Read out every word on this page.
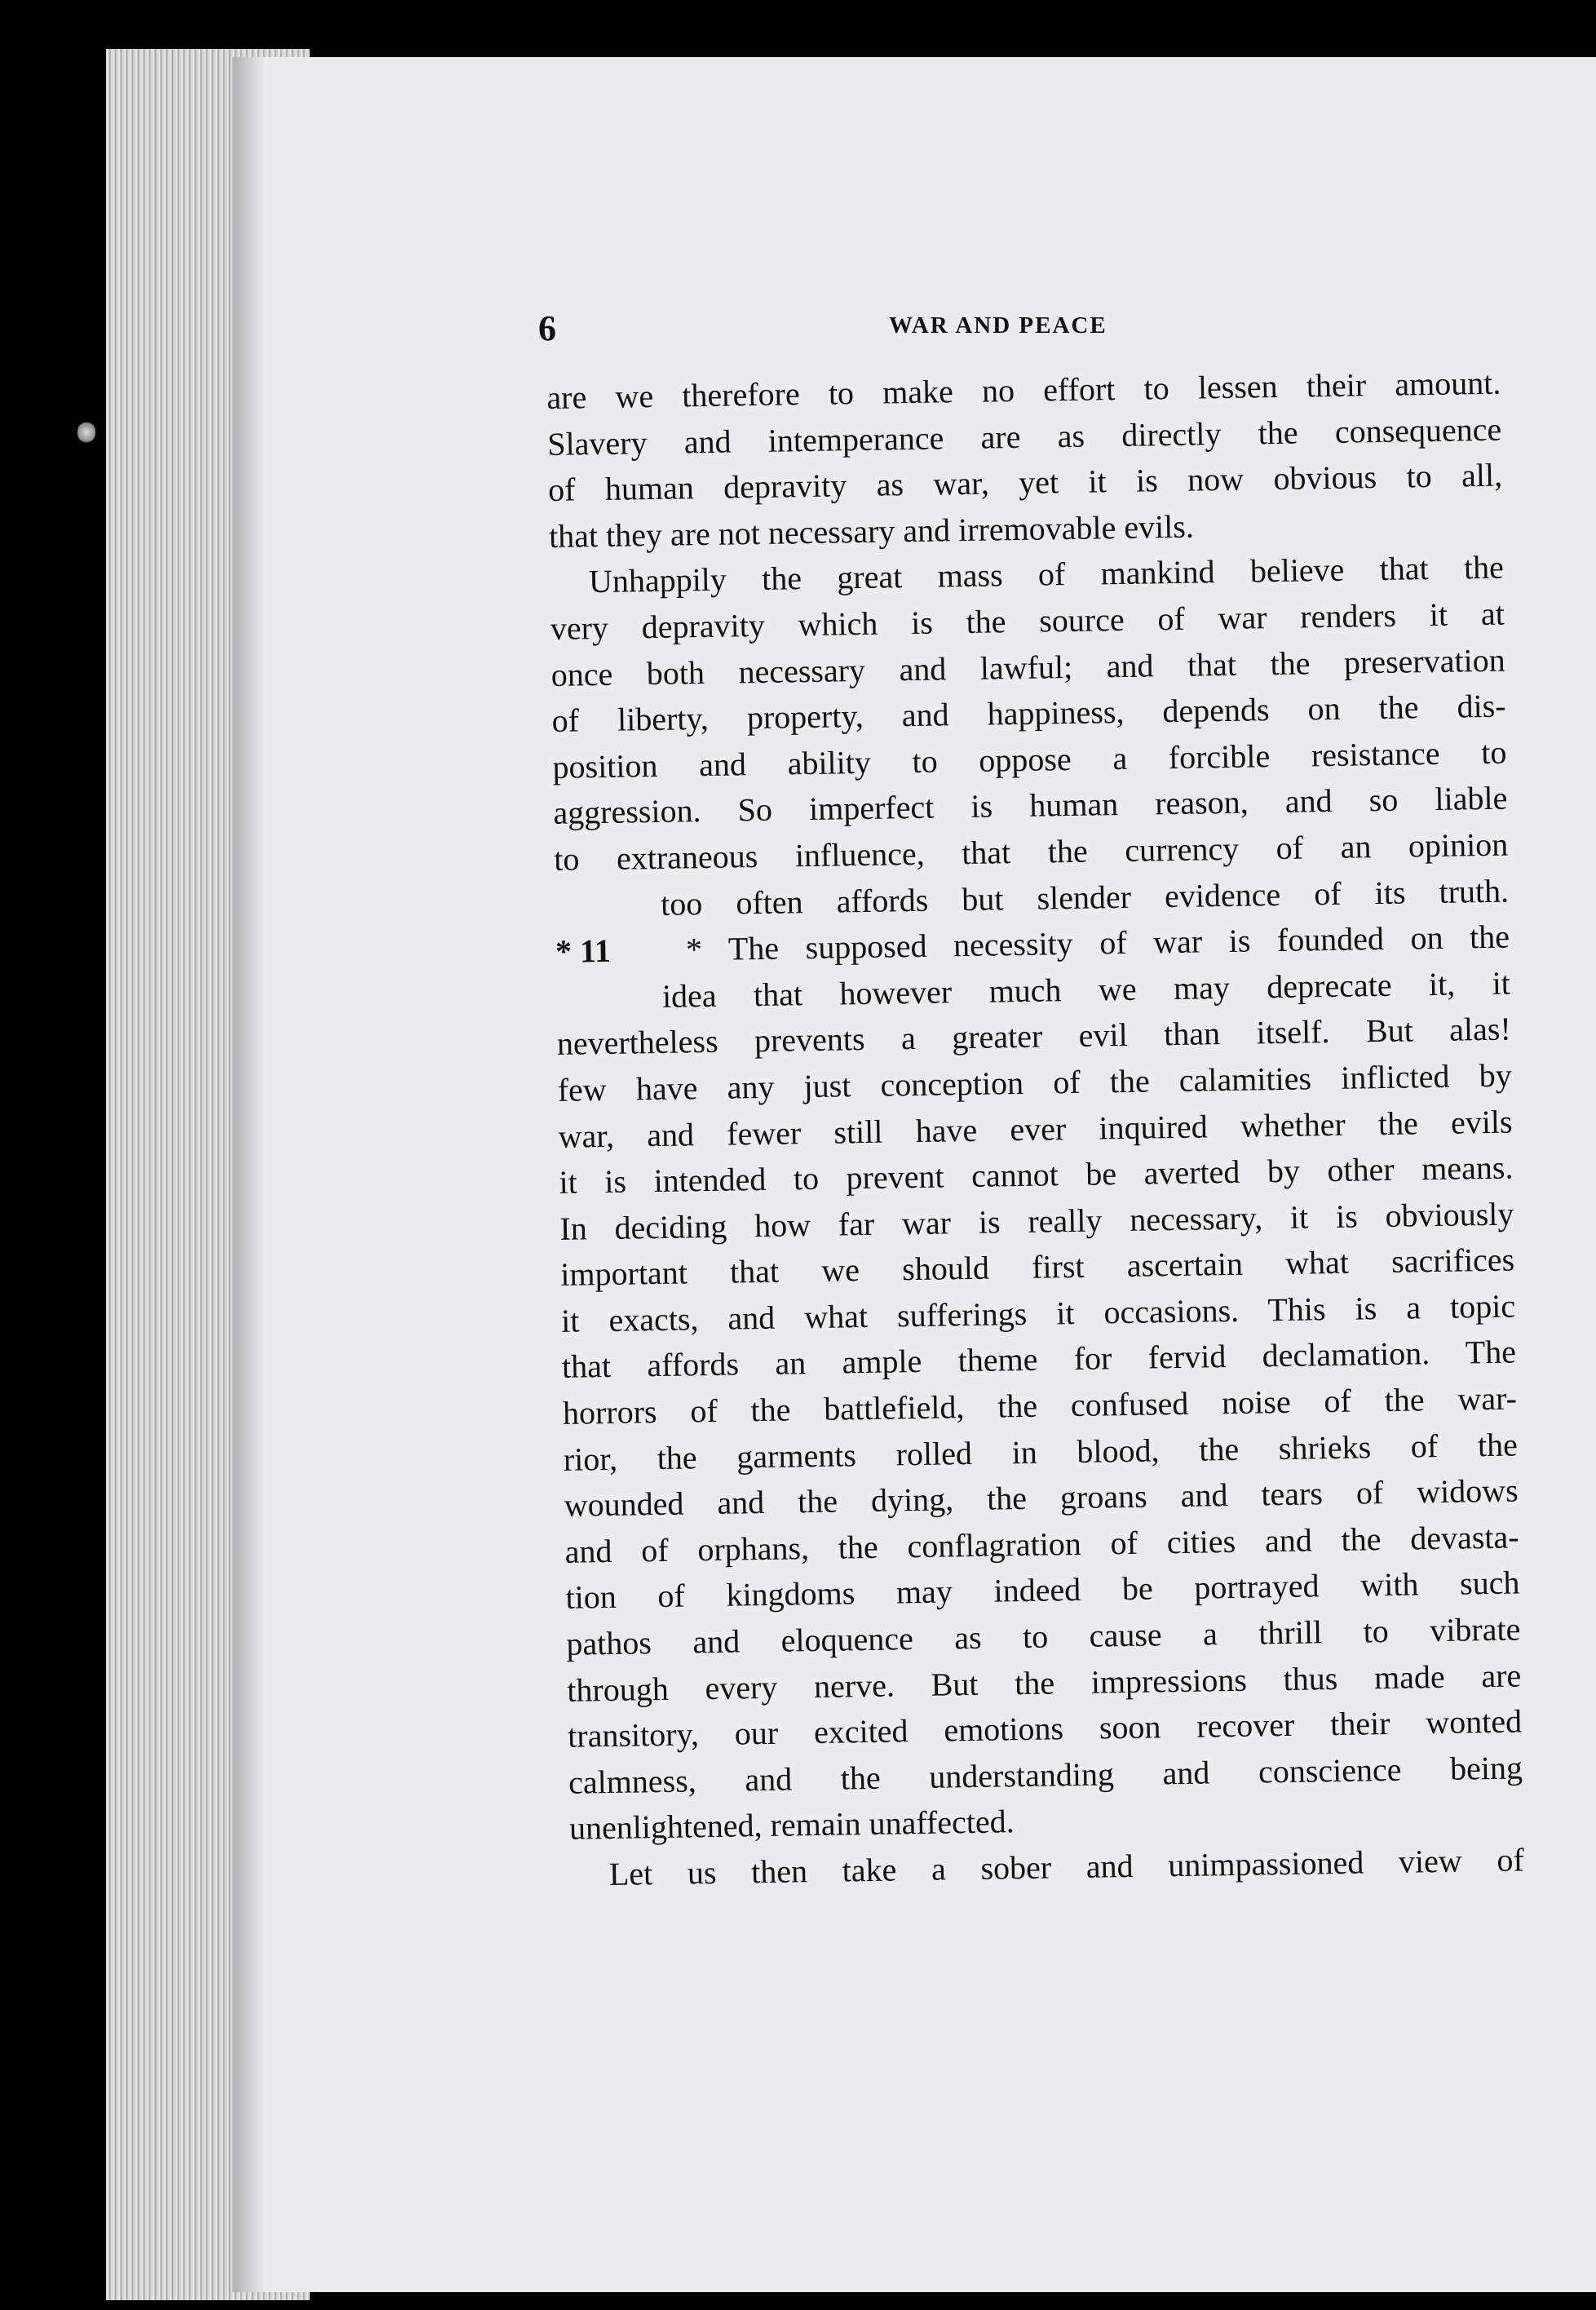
6	WAR AND PEACE
are we therefore to make no effort to lessen their amount.
Slavery and intemperance are as directly the consequence
of human depravity as war, yet it is now obvious to all,
that they are not necessary and irremovable evils.
Unhappily the great mass of mankind believe that the
very depravity which is the source of war renders it at
once both necessary and lawful; and that the preservation
of liberty, property, and happiness, depends on the dis-
position and ability to oppose a forcible resistance to
aggression. So imperfect is human reason, and so liable
to extraneous influence, that the currency of an opinion
too often affords but slender evidence of its truth.
* 11	* The supposed necessity of war is founded on the
idea that however much we may deprecate it, it
nevertheless prevents a greater evil than itself. But alas!
few have any just conception of the calamities inflicted by
war, and fewer still have ever inquired whether the evils
it is intended to prevent cannot be averted by other means.
In deciding how far war is really necessary, it is obviously
important that we should first ascertain what sacrifices
it exacts, and what sufferings it occasions. This is a topic
that affords an ample theme for fervid declamation. The
horrors of the battlefield, the confused noise of the war-
rior, the garments rolled in blood, the shrieks of the
wounded and the dying, the groans and tears of widows
and of orphans, the conflagration of cities and the devasta-
tion of kingdoms may indeed be portrayed with such
pathos and eloquence as to cause a thrill to vibrate
through every nerve. But the impressions thus made are
transitory, our excited emotions soon recover their wonted
calmness, and the understanding and conscience being
unenlightened, remain unaffected.
Let us then take a sober and unimpassioned view of
